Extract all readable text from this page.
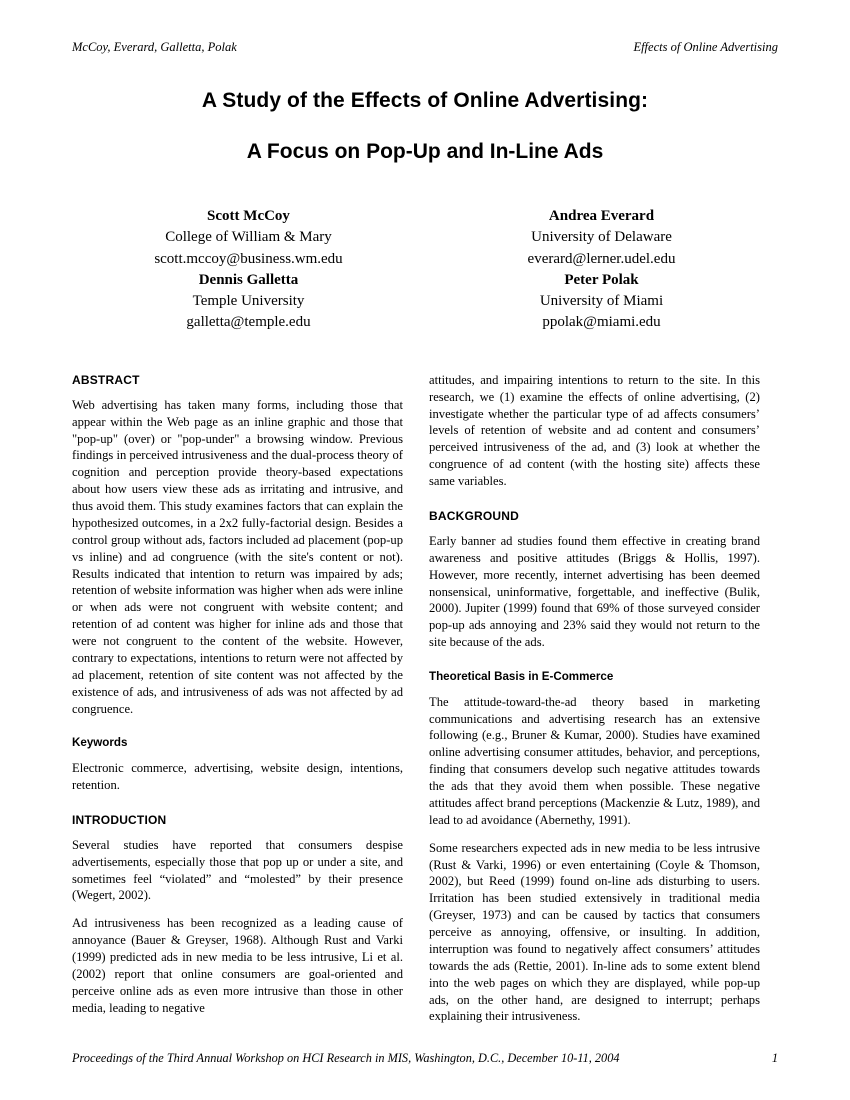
McCoy, Everard, Galletta, Polak	Effects of Online Advertising
A Study of the Effects of Online Advertising:
A Focus on Pop-Up and In-Line Ads
Scott McCoy
College of William & Mary
scott.mccoy@business.wm.edu
Dennis Galletta
Temple University
galletta@temple.edu
Andrea Everard
University of Delaware
everard@lerner.udel.edu
Peter Polak
University of Miami
ppolak@miami.edu
ABSTRACT

Web advertising has taken many forms, including those that appear within the Web page as an inline graphic and those that "pop-up" (over) or "pop-under" a browsing window. Previous findings in perceived intrusiveness and the dual-process theory of cognition and perception provide theory-based expectations about how users view these ads as irritating and intrusive, and thus avoid them. This study examines factors that can explain the hypothesized outcomes, in a 2x2 fully-factorial design. Besides a control group without ads, factors included ad placement (pop-up vs inline) and ad congruence (with the site's content or not). Results indicated that intention to return was impaired by ads; retention of website information was higher when ads were inline or when ads were not congruent with website content; and retention of ad content was higher for inline ads and those that were not congruent to the content of the website. However, contrary to expectations, intentions to return were not affected by ad placement, retention of site content was not affected by the existence of ads, and intrusiveness of ads was not affected by ad congruence.

Keywords

Electronic commerce, advertising, website design, intentions, retention.

INTRODUCTION

Several studies have reported that consumers despise advertisements, especially those that pop up or under a site, and sometimes feel “violated” and “molested” by their presence (Wegert, 2002).

Ad intrusiveness has been recognized as a leading cause of annoyance (Bauer & Greyser, 1968). Although Rust and Varki (1999) predicted ads in new media to be less intrusive, Li et al. (2002) report that online consumers are goal-oriented and perceive online ads as even more intrusive than those in other media, leading to negative

attitudes, and impairing intentions to return to the site. In this research, we (1) examine the effects of online advertising, (2) investigate whether the particular type of ad affects consumers’ levels of retention of website and ad content and consumers’ perceived intrusiveness of the ad, and (3) look at whether the congruence of ad content (with the hosting site) affects these same variables.

BACKGROUND

Early banner ad studies found them effective in creating brand awareness and positive attitudes (Briggs & Hollis, 1997). However, more recently, internet advertising has been deemed nonsensical, uninformative, forgettable, and ineffective (Bulik, 2000). Jupiter (1999) found that 69% of those surveyed consider pop-up ads annoying and 23% said they would not return to the site because of the ads.

Theoretical Basis in E-Commerce

The attitude-toward-the-ad theory based in marketing communications and advertising research has an extensive following (e.g., Bruner & Kumar, 2000). Studies have examined online advertising consumer attitudes, behavior, and perceptions, finding that consumers develop such negative attitudes towards the ads that they avoid them when possible. These negative attitudes affect brand perceptions (Mackenzie & Lutz, 1989), and lead to ad avoidance (Abernethy, 1991).

Some researchers expected ads in new media to be less intrusive (Rust & Varki, 1996) or even entertaining (Coyle & Thomson, 2002), but Reed (1999) found on-line ads disturbing to users. Irritation has been studied extensively in traditional media (Greyser, 1973) and can be caused by tactics that consumers perceive as annoying, offensive, or insulting. In addition, interruption was found to negatively affect consumers’ attitudes towards the ads (Rettie, 2001). In-line ads to some extent blend into the web pages on which they are displayed, while pop-up ads, on the other hand, are designed to interrupt; perhaps explaining their intrusiveness.

Proceedings of the Third Annual Workshop on HCI Research in MIS, Washington, D.C., December 10-11, 2004	1
